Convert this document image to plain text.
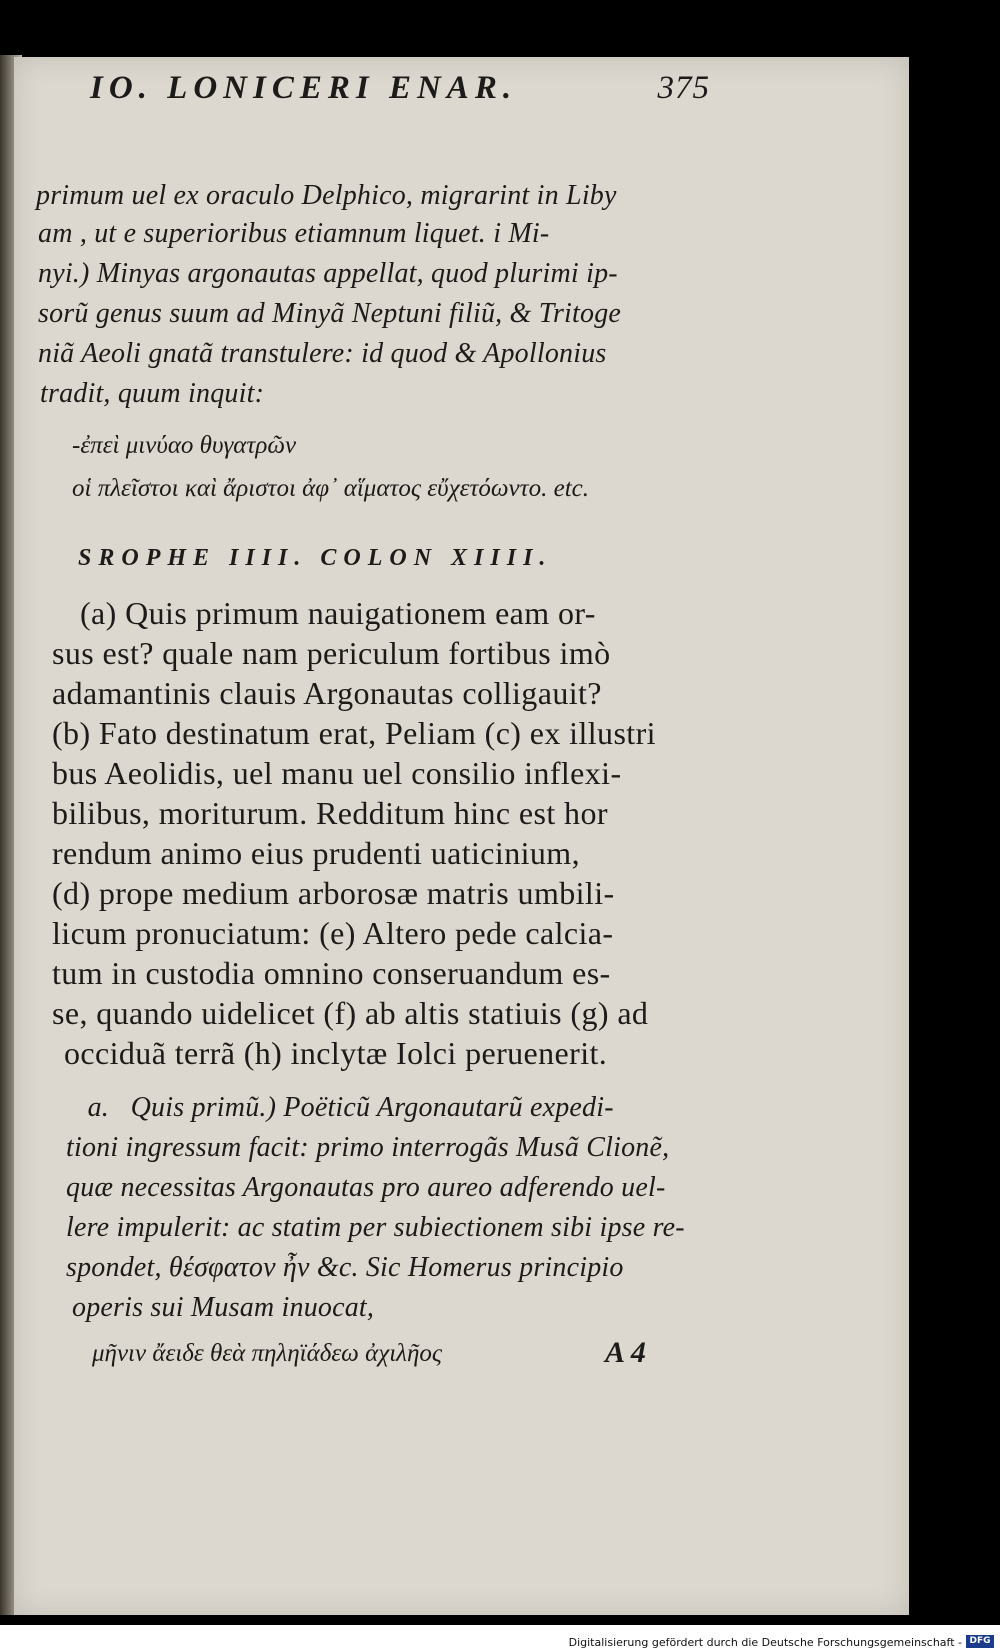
IO. LONICERI ENAR.	375
primum uel ex oraculo Delphico, migrarint in Liby
am , ut e superioribus etiamnum liquet. i Mi-
nyi.) Minyas argonautas appellat, quod plurimi ip-
sorũ genus suum ad Minyã Neptuni filiũ, & Tritoge
niã Aeoli gnatã transtulere: id quod & Apollonius
tradit, quum inquit:
-ἐπεὶ μινύαο θυγατρῶν
οἱ πλεῖστοι καὶ ἄριστοι ἀφ᾽ αἵματος εὔχετόωντο. etc.
SROPHE IIII. COLON XIIII.
(a) Quis primum nauigationem eam or-
sus est? quale nam periculum fortibus imò
adamantinis clauis Argonautas colligauit?
(b) Fato destinatum erat, Peliam (c) ex illustri
bus Aeolidis, uel manu uel consilio inflexi-
bilibus, moriturum. Redditum hinc est hor
rendum animo eius prudenti uaticinium,
(d) prope medium arborosæ matris umbili-
licum pronuciatum: (e) Altero pede calcia-
tum in custodia omnino conseruandum es-
se, quando uidelicet (f) ab altis statiuis (g) ad
occiduã terrã (h) inclytæ Iolci peruenerit.
a.   Quis primũ.) Poëticũ Argonautarũ expedi-
tioni ingressum facit: primo interrogãs Musã Clionẽ,
quæ necessitas Argonautas pro aureo adferendo uel-
lere impulerit: ac statim per subiectionem sibi ipse re-
spondet, θέσφατον ἦν &c. Sic Homerus principio
operis sui Musam inuocat,
μῆνιν ἄειδε θεὰ πηληϊάδεω ἀχιλῆος	A 4
Digitalisierung gefördert durch die Deutsche Forschungsgemeinschaft - DFG
